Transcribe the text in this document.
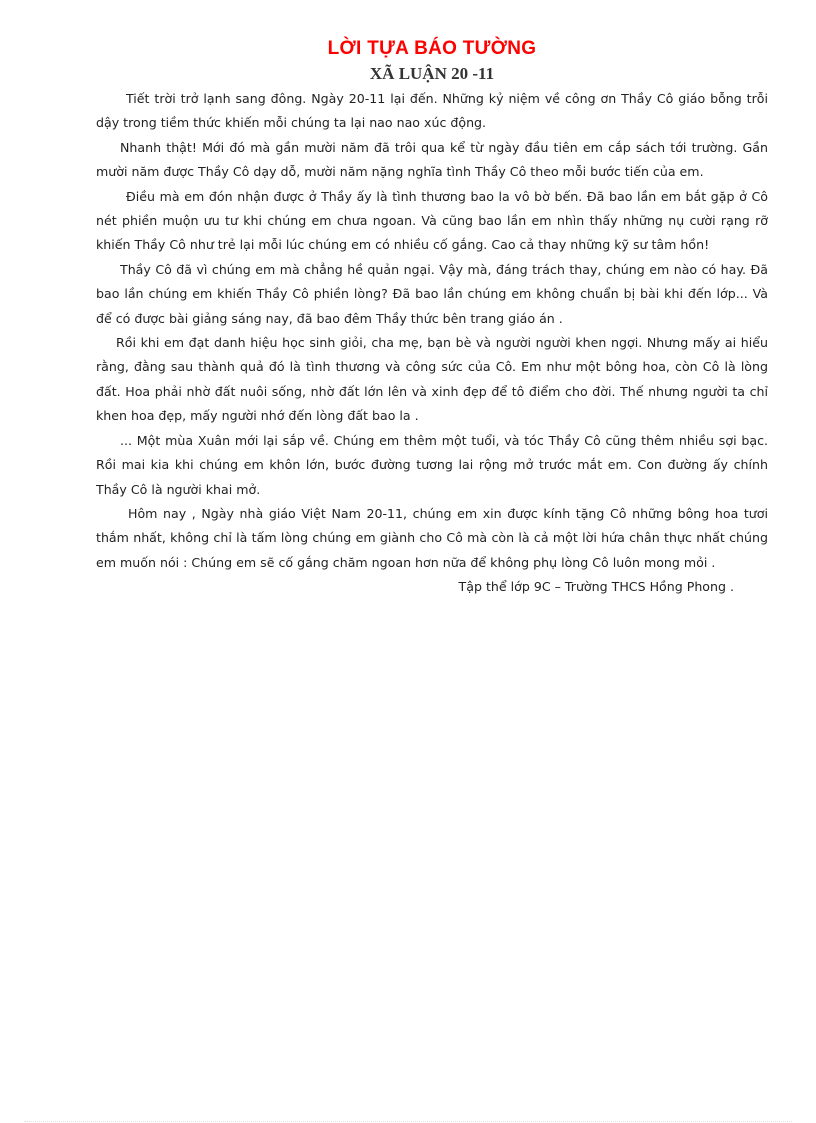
LỜI TỰA BÁO TƯỜNG
XÃ LUẬN 20 -11

Tiết trời trở lạnh sang đông. Ngày 20-11 lại đến. Những kỷ niệm về công ơn Thầy Cô giáo bỗng trỗi dậy trong tiềm thức khiến mỗi chúng ta lại nao nao xúc động.

Nhanh thật! Mới đó mà gần mười năm đã trôi qua kể từ ngày đầu tiên em cắp sách tới trường. Gần mười năm được Thầy Cô dạy dỗ, mười năm nặng nghĩa tình Thầy Cô theo mỗi bước tiến của em.

Điều mà em đón nhận được ở Thầy ấy là tình thương bao la vô bờ bến. Đã bao lần em bắt gặp ở Cô nét phiền muộn ưu tư khi chúng em chưa ngoan. Và cũng bao lần em nhìn thấy những nụ cười rạng rỡ khiến Thầy Cô như trẻ lại mỗi lúc chúng em có nhiều cố gắng. Cao cả thay những kỹ sư tâm hồn!

Thầy Cô đã vì chúng em mà chẳng hề quản ngại. Vậy mà, đáng trách thay, chúng em nào có hay. Đã bao lần chúng em khiến Thầy Cô phiền lòng? Đã bao lần chúng em không chuẩn bị bài khi đến lớp... Và để có được bài giảng sáng nay, đã bao đêm Thầy thức bên trang giáo án .

Rồi khi em đạt danh hiệu học sinh giỏi, cha mẹ, bạn bè và người người khen ngợi. Nhưng mấy ai hiểu rằng, đằng sau thành quả đó là tình thương và công sức của Cô. Em như một bông hoa, còn Cô là lòng đất. Hoa phải nhờ đất nuôi sống, nhờ đất lớn lên và xinh đẹp để tô điểm cho đời. Thế nhưng người ta chỉ khen hoa đẹp, mấy người nhớ đến lòng đất bao la .

... Một mùa Xuân mới lại sắp về. Chúng em thêm một tuổi, và tóc Thầy Cô cũng thêm nhiều sợi bạc. Rồi mai kia khi chúng em khôn lớn, bước đường tương lai rộng mở trước mắt em. Con đường ấy chính Thầy Cô là người khai mở.

Hôm nay , Ngày nhà giáo Việt Nam 20-11, chúng em xin được kính tặng Cô những bông hoa tươi thắm nhất, không chỉ là tấm lòng chúng em giành cho Cô mà còn là cả một lời hứa chân thực nhất chúng em muốn nói : Chúng em sẽ cố gắng chăm ngoan hơn nữa để không phụ lòng Cô luôn mong mỏi .

Tập thể lớp 9C – Trường THCS Hồng Phong .
